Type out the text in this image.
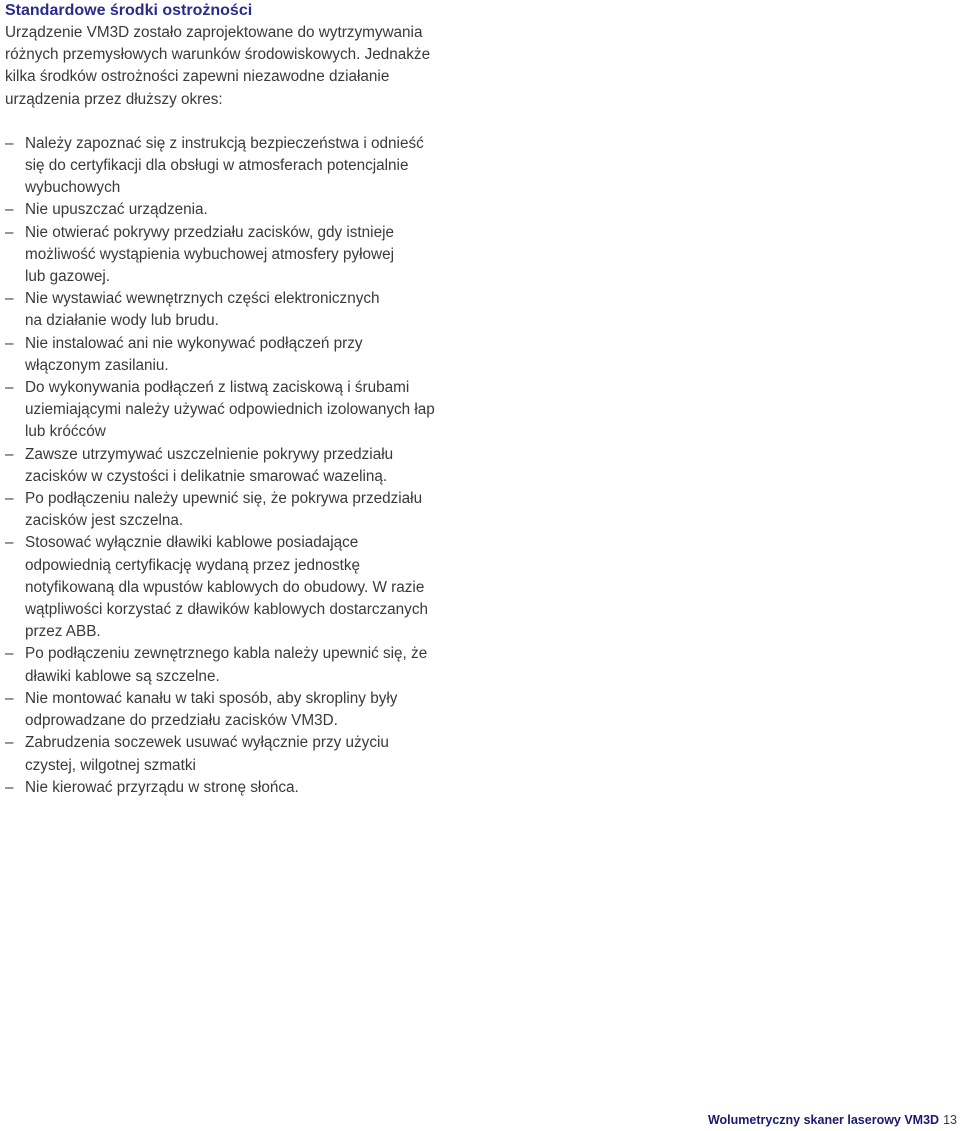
Standardowe środki ostrożności
Urządzenie VM3D zostało zaprojektowane do wytrzymywania
różnych przemysłowych warunków środowiskowych. Jednakże
kilka środków ostrożności zapewni niezawodne działanie
urządzenia przez dłuższy okres:
– Należy zapoznać się z instrukcją bezpieczeństwa i odnieść
się do certyfikacji dla obsługi w atmosferach potencjalnie
wybuchowych
– Nie upuszczać urządzenia.
– Nie otwierać pokrywy przedziału zacisków, gdy istnieje
możliwość wystąpienia wybuchowej atmosfery pyłowej
lub gazowej.
– Nie wystawiać wewnętrznych części elektronicznych
na działanie wody lub brudu.
– Nie instalować ani nie wykonywać podłączeń przy
włączonym zasilaniu.
– Do wykonywania podłączeń z listwą zaciskową i śrubami
uziemiającymi należy używać odpowiednich izolowanych łap
lub króćców
– Zawsze utrzymywać uszczelnienie pokrywy przedziału
zacisków w czystości i delikatnie smarować wazeliną.
– Po podłączeniu należy upewnić się, że pokrywa przedziału
zacisków jest szczelna.
– Stosować wyłącznie dławiki kablowe posiadające
odpowiednią certyfikację wydaną przez jednostkę
notyfikowaną dla wpustów kablowych do obudowy. W razie
wątpliwości korzystać z dławików kablowych dostarczanych
przez ABB.
– Po podłączeniu zewnętrznego kabla należy upewnić się, że
dławiki kablowe są szczelne.
– Nie montować kanału w taki sposób, aby skropliny były
odprowadzane do przedziału zacisków VM3D.
– Zabrudzenia soczewek usuwać wyłącznie przy użyciu
czystej, wilgotnej szmatki
– Nie kierować przyrządu w stronę słońca.
Wolumetryczny skaner laserowy VM3D 13
